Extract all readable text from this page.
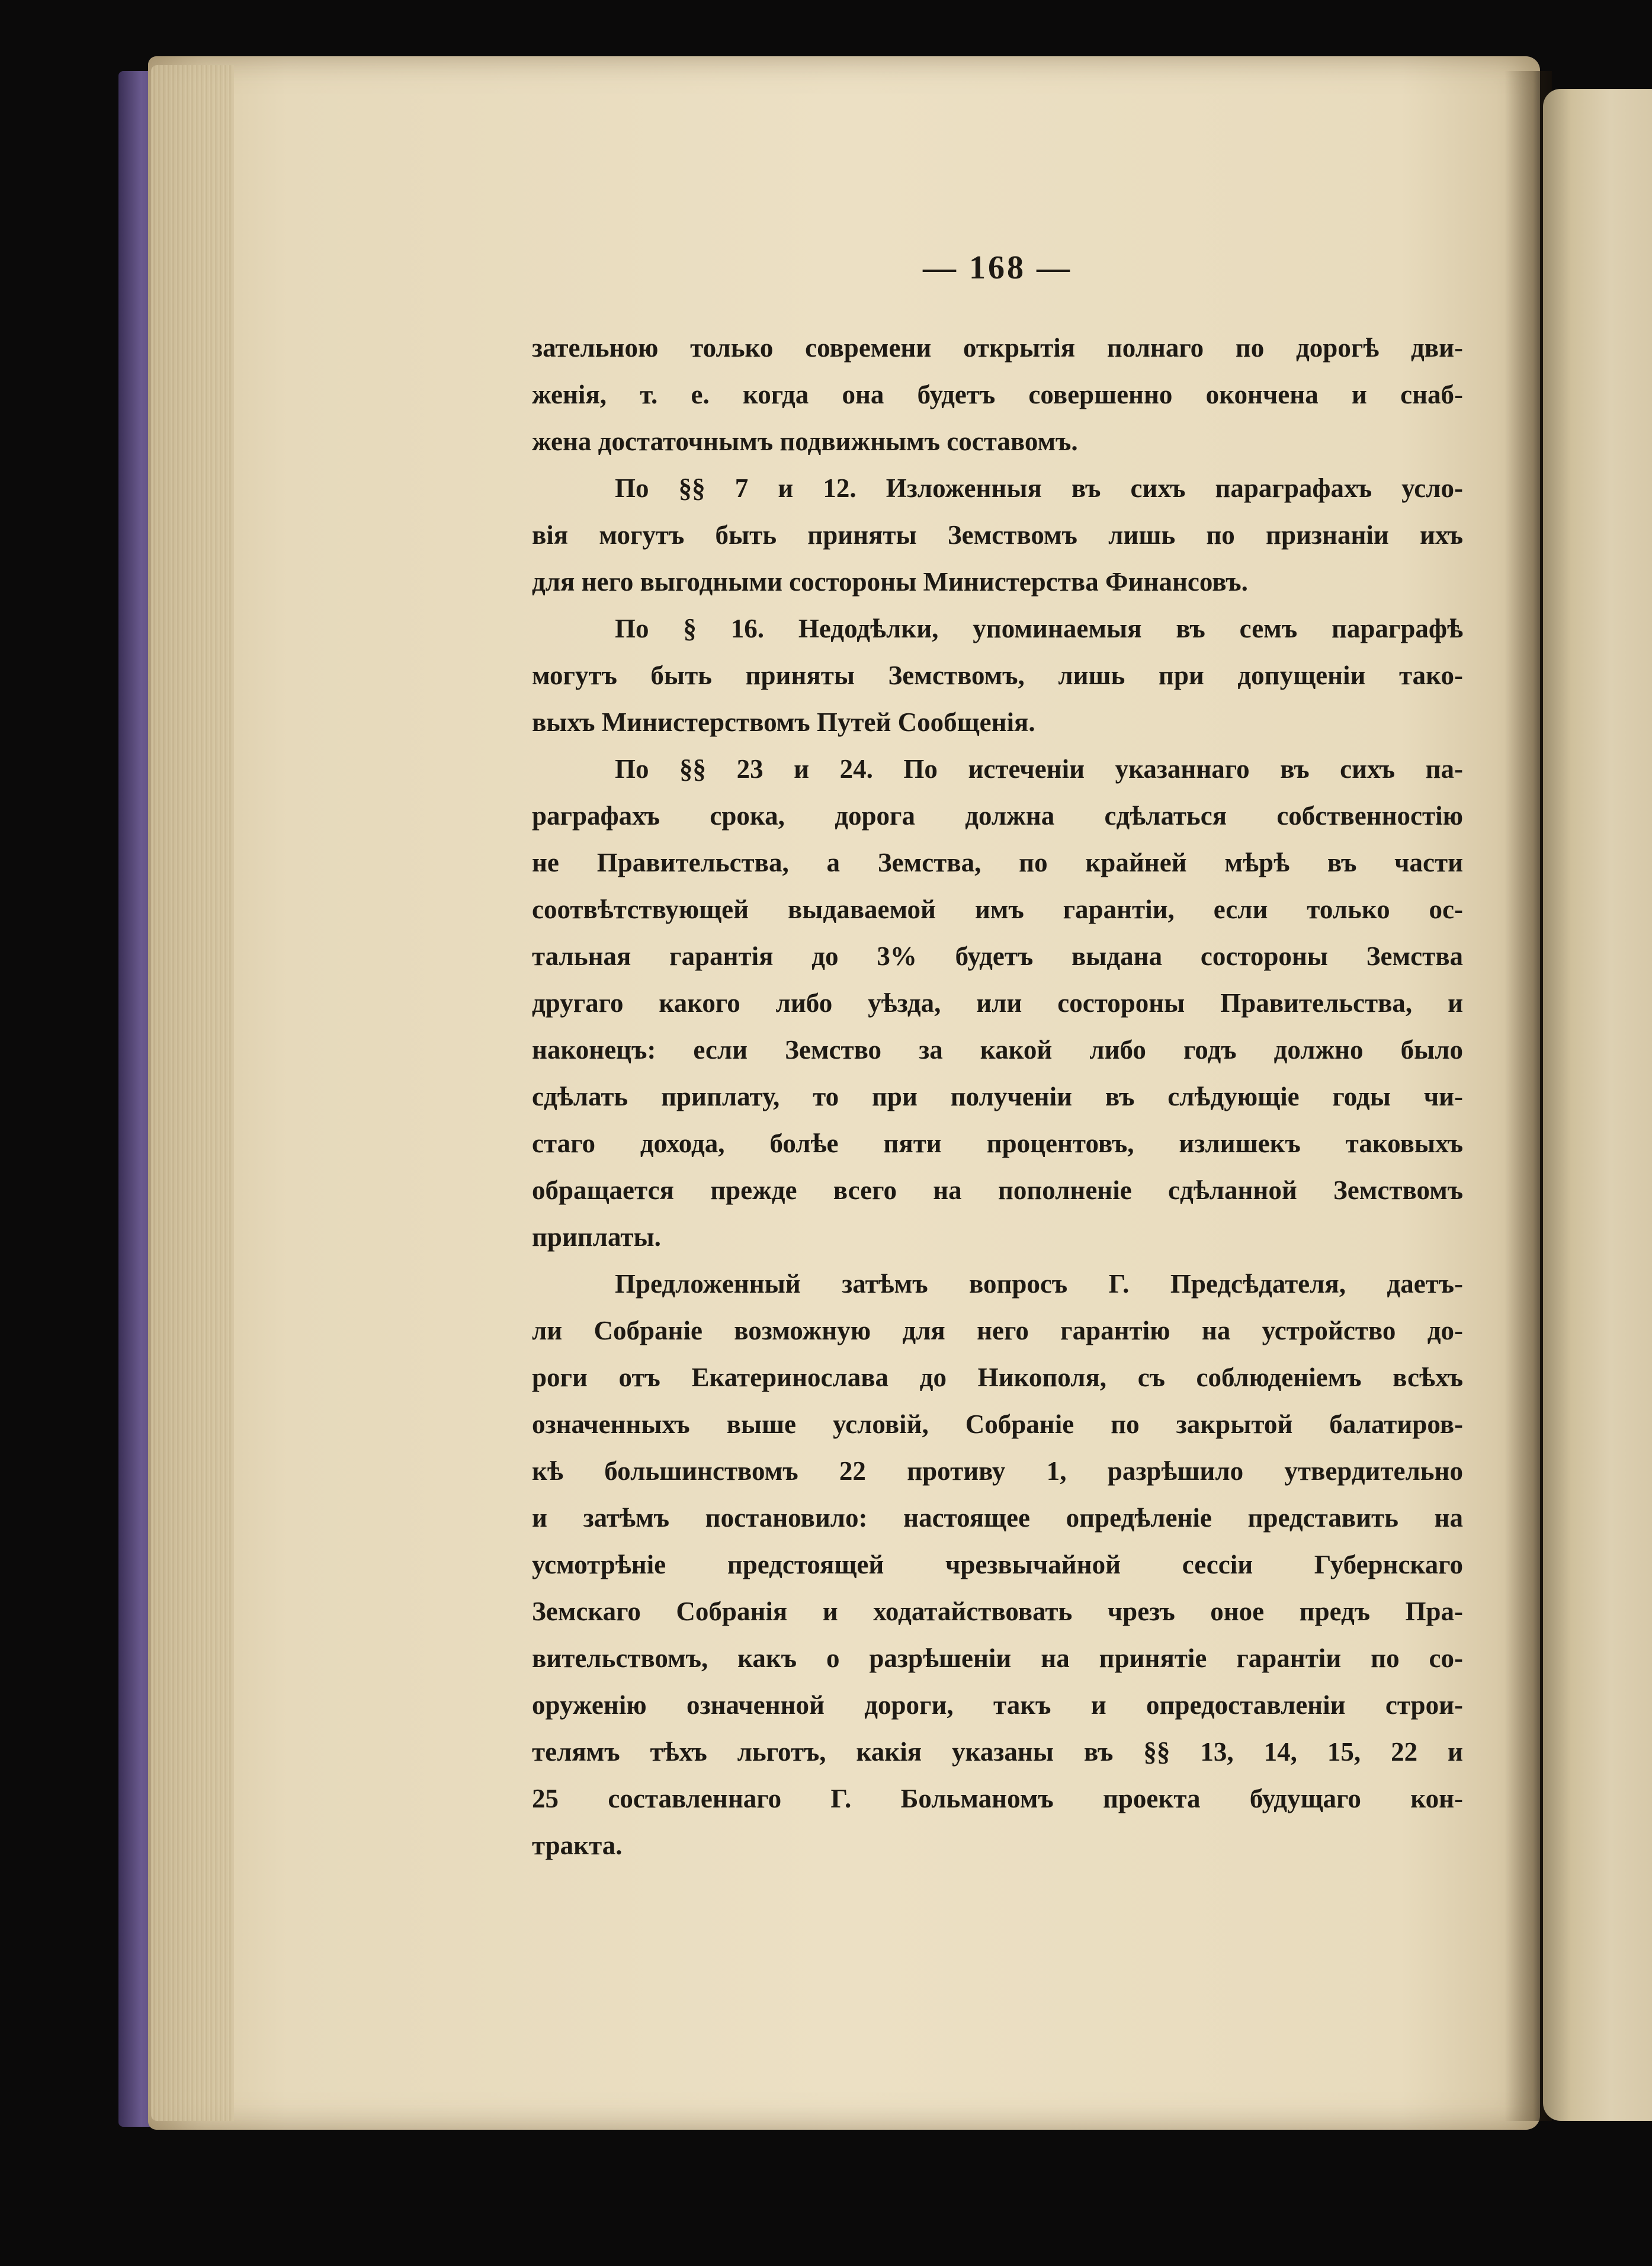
— 168 —
зательною только современи открытія полнаго по дорогѣ дви-
женія, т. е. когда она будетъ совершенно окончена и снаб-
жена достаточнымъ подвижнымъ составомъ.
По §§ 7 и 12. Изложенныя въ сихъ параграфахъ усло-
вія могутъ быть приняты Земствомъ лишь по признаніи ихъ
для него выгодными состороны Министерства Финансовъ.
По § 16. Недодѣлки, упоминаемыя въ семъ параграфѣ
могутъ быть приняты Земствомъ, лишь при допущеніи тако-
выхъ Министерствомъ Путей Сообщенія.
По §§ 23 и 24. По истеченіи указаннаго въ сихъ па-
раграфахъ срока, дорога должна сдѣлаться собственностію
не Правительства, а Земства, по крайней мѣрѣ въ части
соотвѣтствующей выдаваемой имъ гарантіи, если только ос-
тальная гарантія до 3% будетъ выдана состороны Земства
другаго какого либо уѣзда, или состороны Правительства, и
наконецъ: если Земство за какой либо годъ должно было
сдѣлать приплату, то при полученіи въ слѣдующіе годы чи-
стаго дохода, болѣе пяти процентовъ, излишекъ таковыхъ
обращается прежде всего на пополненіе сдѣланной Земствомъ
приплаты.
Предложенный затѣмъ вопросъ Г. Предсѣдателя, даетъ-
ли Собраніе возможную для него гарантію на устройство до-
роги отъ Екатеринослава до Никополя, съ соблюденіемъ всѣхъ
означенныхъ выше условій, Собраніе по закрытой балатиров-
кѣ большинствомъ 22 противу 1, разрѣшило утвердительно
и затѣмъ постановило: настоящее опредѣленіе представить на
усмотрѣніе предстоящей чрезвычайной сессіи Губернскаго
Земскаго Собранія и ходатайствовать чрезъ оное предъ Пра-
вительствомъ, какъ о разрѣшеніи на принятіе гарантіи по со-
оруженію означенной дороги, такъ и опредоставленіи строи-
телямъ тѣхъ льготъ, какія указаны въ §§ 13, 14, 15, 22 и
25 составленнаго Г. Больманомъ проекта будущаго кон-
тракта.
